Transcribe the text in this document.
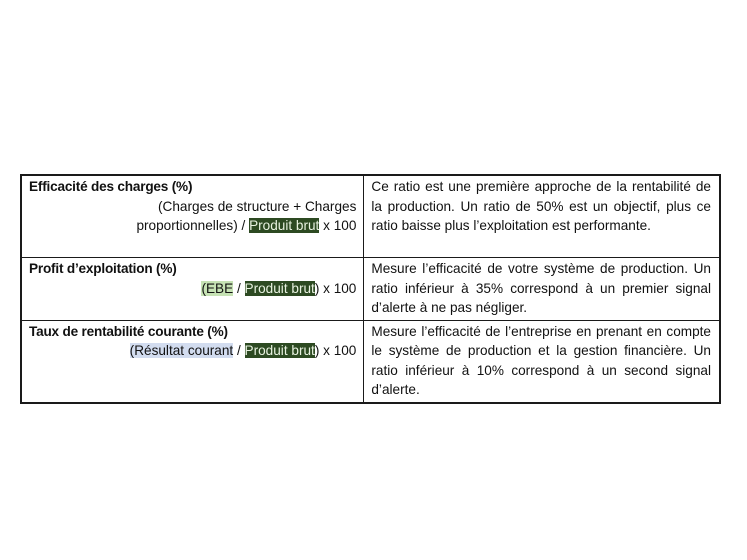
Efficacité des charges (%)
(Charges de structure + Charges
proportionnelles) / Produit brut x 100	Ce ratio est une première approche de la rentabilité de la production. Un ratio de 50% est un objectif, plus ce ratio baisse plus l’exploitation est performante.

Profit d’exploitation (%)
(EBE / Produit brut) x 100	Mesure l’efficacité de votre système de production. Un ratio inférieur à 35% correspond à un premier signal d’alerte à ne pas négliger.

Taux de rentabilité courante (%)
(Résultat courant / Produit brut) x 100	Mesure l’efficacité de l’entreprise en prenant en compte le système de production et la gestion financière. Un ratio inférieur à 10% correspond à un second signal d’alerte.
